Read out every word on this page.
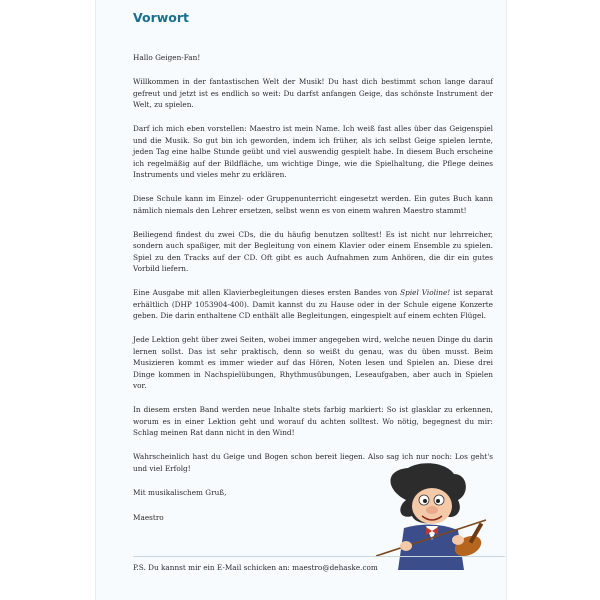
Vorwort

Hallo Geigen-Fan!

Willkommen in der fantastischen Welt der Musik! Du hast dich bestimmt schon lange darauf gefreut und jetzt ist es endlich so weit: Du darfst anfangen Geige, das schönste Instrument der Welt, zu spielen.

Darf ich mich eben vorstellen: Maestro ist mein Name. Ich weiß fast alles über das Geigenspiel und die Musik. So gut bin ich geworden, indem ich früher, als ich selbst Geige spielen lernte, jeden Tag eine halbe Stunde geübt und viel auswendig gespielt habe. In diesem Buch erscheine ich regelmäßig auf der Bildfläche, um wichtige Dinge, wie die Spielhaltung, die Pflege deines Instruments und vieles mehr zu erklären.

Diese Schule kann im Einzel- oder Gruppenunterricht eingesetzt werden. Ein gutes Buch kann nämlich niemals den Lehrer ersetzen, selbst wenn es von einem wahren Maestro stammt!

Beiliegend findest du zwei CDs, die du häufig benutzen solltest! Es ist nicht nur lehrreicher, sondern auch spaßiger, mit der Begleitung von einem Klavier oder einem Ensemble zu spielen. Spiel zu den Tracks auf der CD. Oft gibt es auch Aufnahmen zum Anhören, die dir ein gutes Vorbild liefern.

Eine Ausgabe mit allen Klavierbegleitungen dieses ersten Bandes von Spiel Violine! ist separat erhältlich (DHP 1053904-400). Damit kannst du zu Hause oder in der Schule eigene Konzerte geben. Die darin enthaltene CD enthält alle Begleitungen, eingespielt auf einem echten Flügel.

Jede Lektion geht über zwei Seiten, wobei immer angegeben wird, welche neuen Dinge du darin lernen sollst. Das ist sehr praktisch, denn so weißt du genau, was du üben musst. Beim Musizieren kommt es immer wieder auf das Hören, Noten lesen und Spielen an. Diese drei Dinge kommen in Nachspielübungen, Rhythmusübungen, Leseaufgaben, aber auch in Spielen vor.

In diesem ersten Band werden neue Inhalte stets farbig markiert: So ist glasklar zu erkennen, worum es in einer Lektion geht und worauf du achten solltest. Wo nötig, begegnest du mir: Schlag meinen Rat dann nicht in den Wind!

Wahrscheinlich hast du Geige und Bogen schon bereit liegen. Also sag ich nur noch: Los geht's und viel Erfolg!

Mit musikalischem Gruß,

Maestro

P.S. Du kannst mir ein E-Mail schicken an: maestro@dehaske.com
